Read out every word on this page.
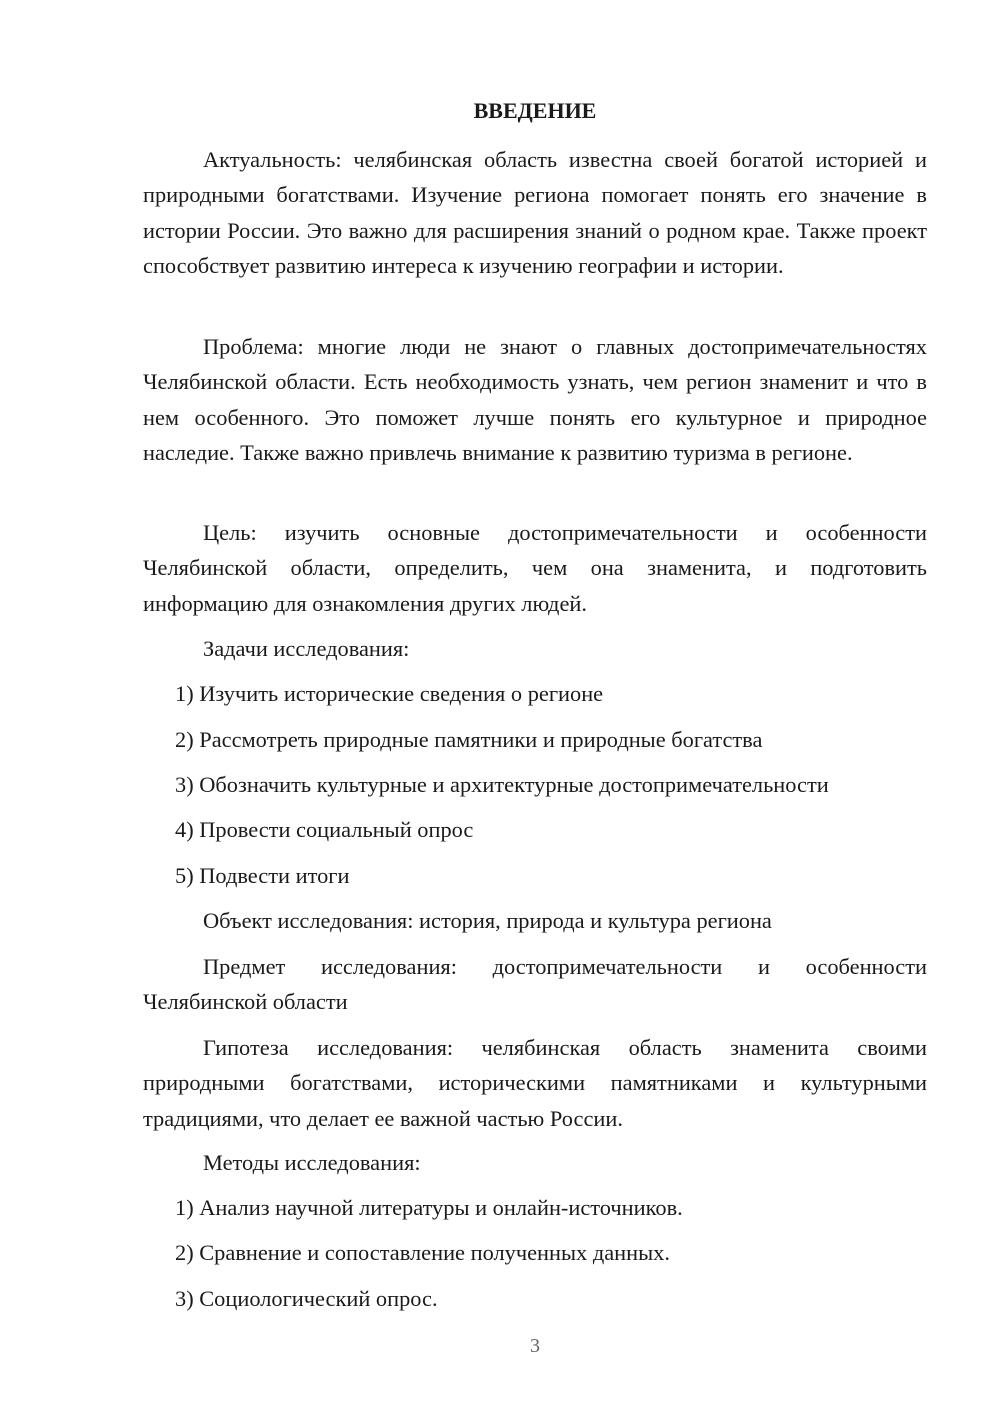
ВВЕДЕНИЕ

Актуальность: челябинская область известна своей богатой историей и природными богатствами. Изучение региона помогает понять его значение в истории России. Это важно для расширения знаний о родном крае. Также проект способствует развитию интереса к изучению географии и истории.

Проблема: многие люди не знают о главных достопримечательностях Челябинской области. Есть необходимость узнать, чем регион знаменит и что в нем особенного. Это поможет лучше понять его культурное и природное наследие. Также важно привлечь внимание к развитию туризма в регионе.

Цель: изучить основные достопримечательности и особенности Челябинской области, определить, чем она знаменита, и подготовить информацию для ознакомления других людей.

Задачи исследования:

1) Изучить исторические сведения о регионе

2) Рассмотреть природные памятники и природные богатства

3) Обозначить культурные и архитектурные достопримечательности

4) Провести социальный опрос

5) Подвести итоги

Объект исследования: история, природа и культура региона

Предмет исследования: достопримечательности и особенности Челябинской области

Гипотеза исследования: челябинская область знаменита своими природными богатствами, историческими памятниками и культурными традициями, что делает ее важной частью России.

Методы исследования:

1) Анализ научной литературы и онлайн-источников.

2) Сравнение и сопоставление полученных данных.

3) Социологический опрос.

3
